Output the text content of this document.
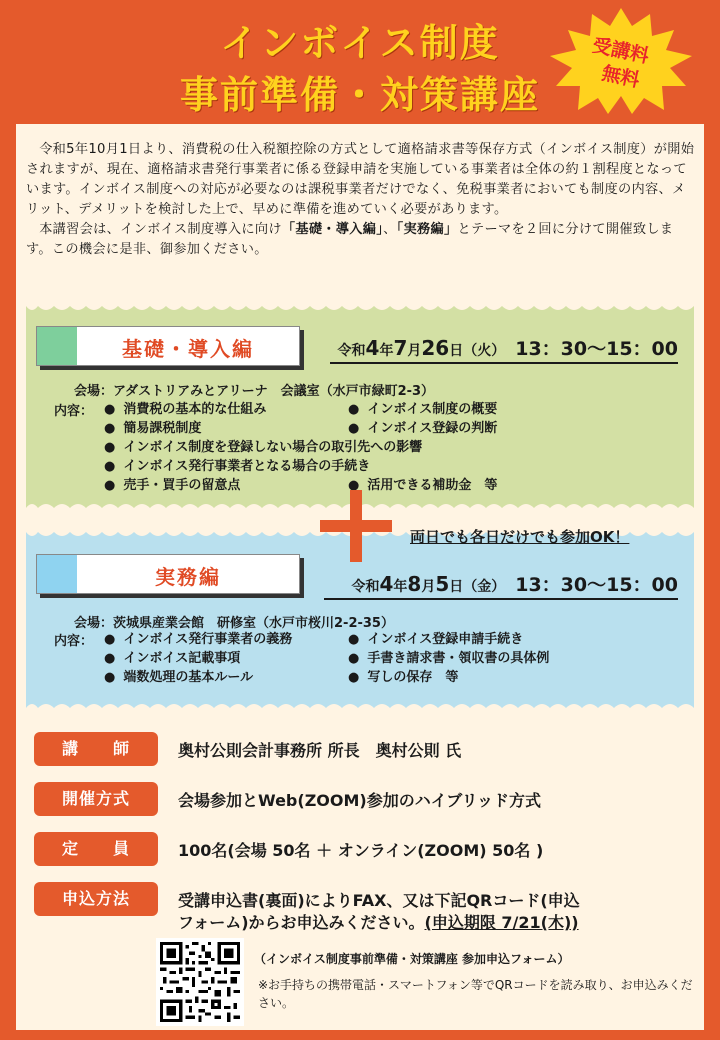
インボイス制度
事前準備・対策講座
受講料
無料

令和5年10月1日より、消費税の仕入税額控除の方式として適格請求書等保存方式（インボイス制度）が開始されますが、現在、適格請求書発行事業者に係る登録申請を実施している事業者は全体の約１割程度となっています。インボイス制度への対応が必要なのは課税事業者だけでなく、免税事業者においても制度の内容、メリット、デメリットを検討した上で、早めに準備を進めていく必要があります。

本講習会は、インボイス制度導入に向け「基礎・導入編」、「実務編」とテーマを２回に分けて開催致します。この機会に是非、御参加ください。

基礎・導入編	令和4年7月26日（火） 13：30〜15：00
会場：アダストリアみとアリーナ　会議室（水戸市緑町2-3）
内容：	● 消費税の基本的な仕組み
● 簡易課税制度
● インボイス制度を登録しない場合の取引先への影響
● インボイス発行事業者となる場合の手続き
● 売手・買手の留意点
● インボイス制度の概要
● インボイス登録の判断
● 活用できる補助金　等
実務編	令和4年8月5日（金） 13：30〜15：00
会場：茨城県産業会館　研修室（水戸市桜川2-2-35）
内容：	● インボイス発行事業者の義務
● インボイス記載事項
● 端数処理の基本ルール
● インボイス登録申請手続き
● 手書き請求書・領収書の具体例
● 写しの保存　等
両日でも各日だけでも参加OK！
講　　師	奥村公則会計事務所 所長　奥村公則 氏
開催方式	会場参加とWeb(ZOOM)参加のハイブリッド方式
定　　員	100名(会場 50名 ＋ オンライン(ZOOM) 50名 )
申込方法	受講申込書(裏面)によりFAX、又は下記QRコード(申込
フォーム)からお申込みください。(申込期限 7/21(木))
（インボイス制度事前準備・対策講座 参加申込フォーム）
※お手持ちの携帯電話・スマートフォン等でQRコードを読み取り、お申込みください。
